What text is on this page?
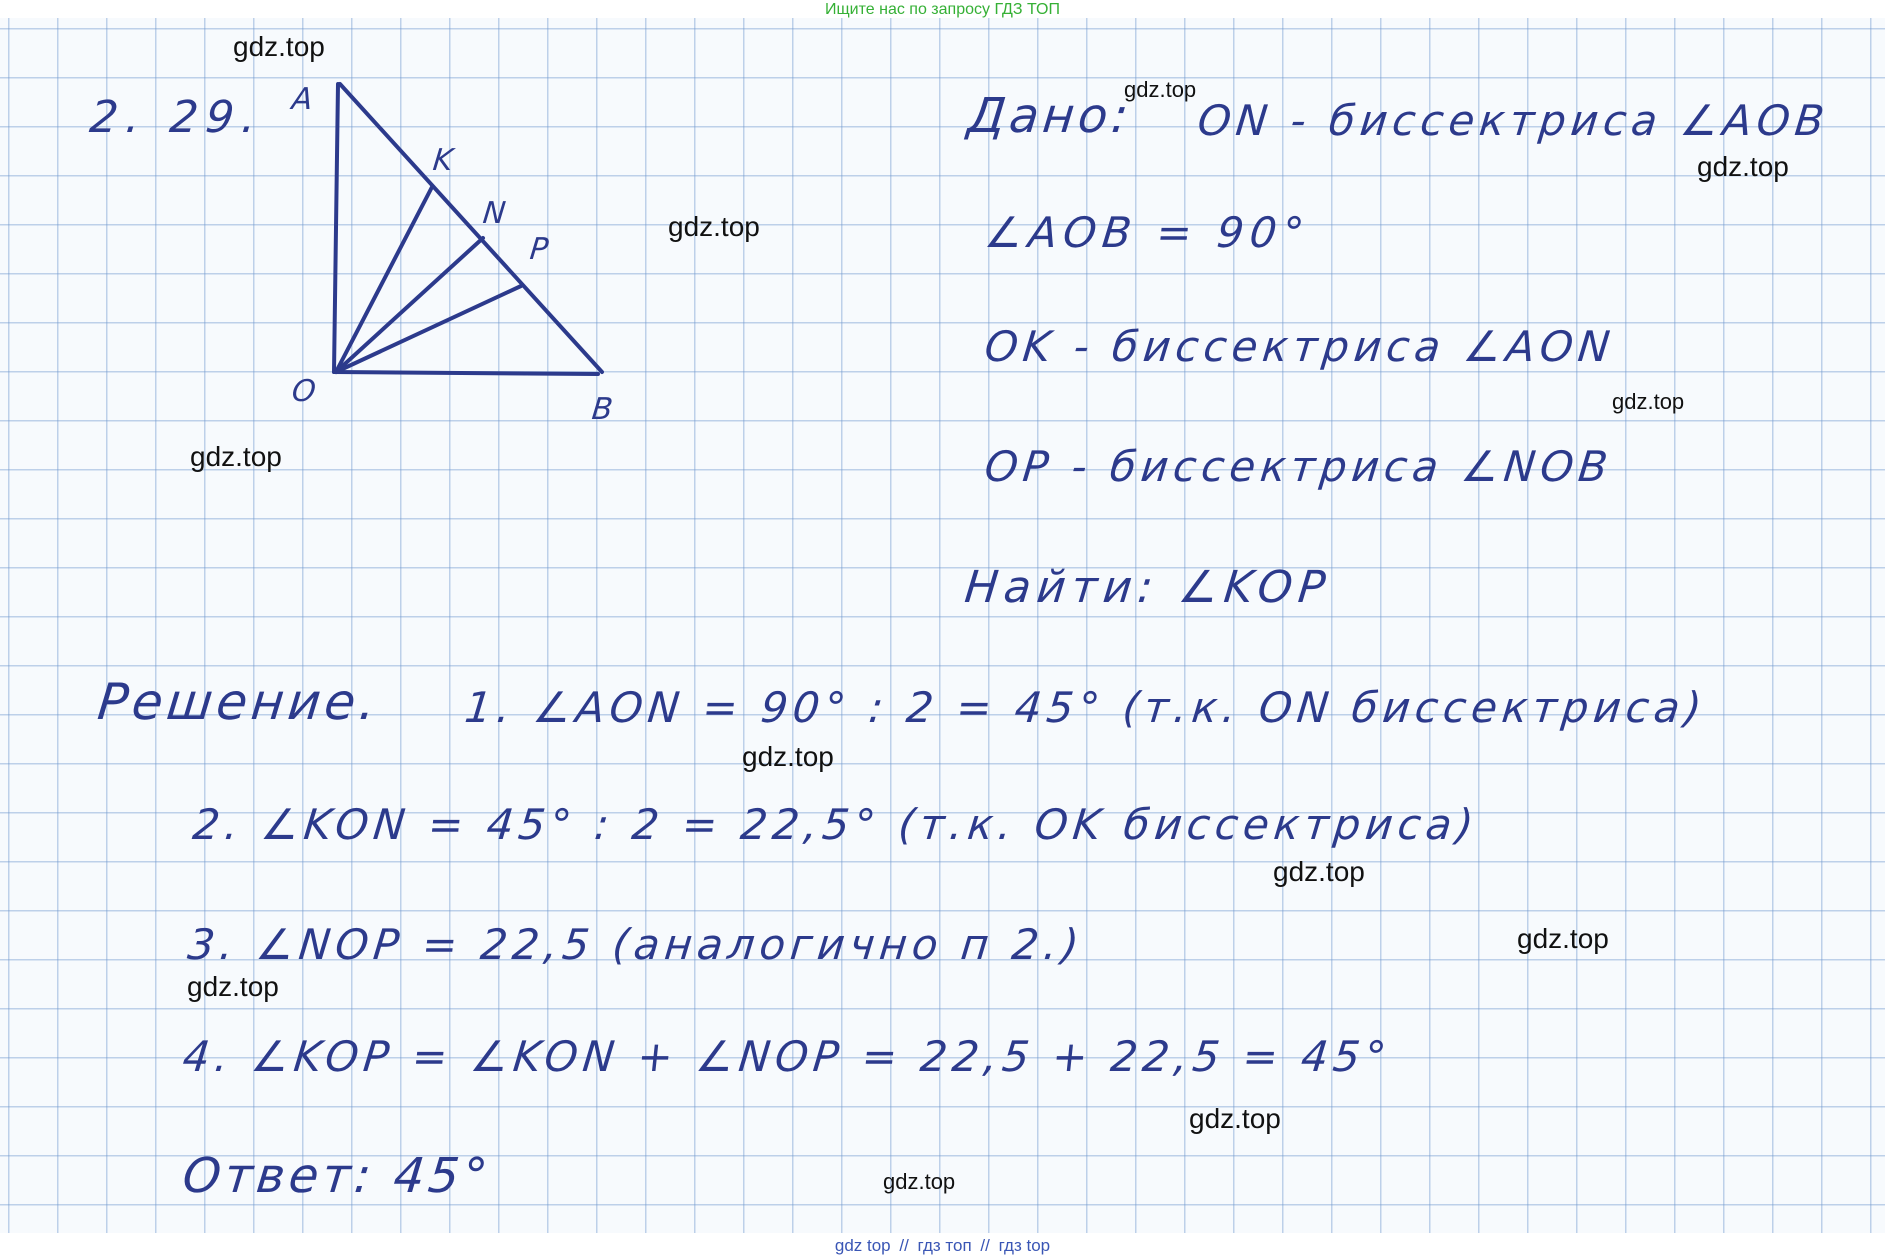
Ищите нас по запросу ГДЗ ТОП
A
K
N
P
O
B
2. 29.	Дано: ON - биссектриса ∠AOB
∠AOB = 90°
OK - биссектриса ∠AON
OP - биссектриса ∠NOB
Найти: ∠KOP
Решение. 1. ∠AON = 90° : 2 = 45° (т.к. ON биссектриса)
2. ∠KON = 45° : 2 = 22,5° (т.к. OK биссектриса)
3. ∠NOP = 22,5 (аналогично п 2.)
4. ∠KOP = ∠KON + ∠NOP = 22,5 + 22,5 = 45°
Ответ: 45°
gdz.top
gdz.top
gdz.top
gdz.top
gdz.top
gdz.top
gdz.top
gdz.top
gdz.top
gdz.top
gdz.top
gdz.top
gdz top // гдз топ // гдз top
